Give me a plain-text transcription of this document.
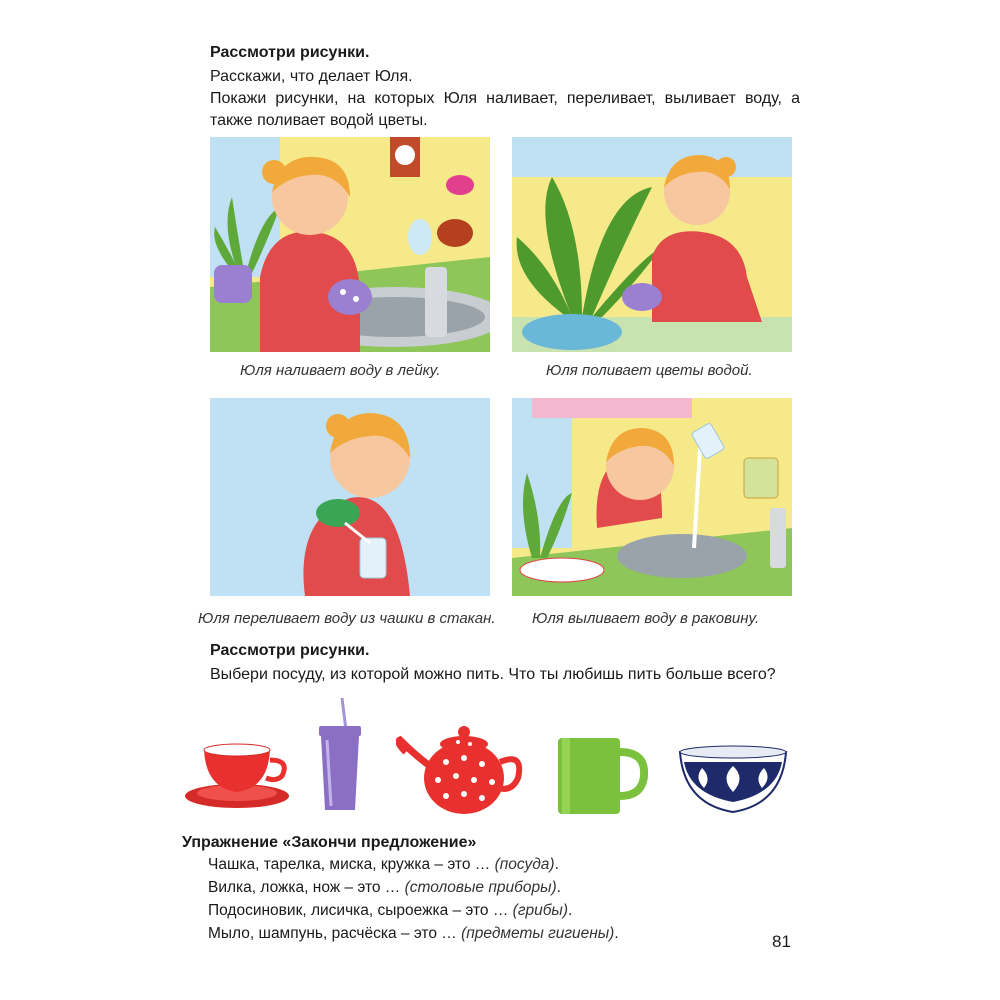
Рассмотри рисунки.
Расскажи, что делает Юля.
Покажи рисунки, на которых Юля наливает, переливает, выливает воду, а также поливает водой цветы.
Юля наливает воду в лейку.	Юля поливает цветы водой.
Юля переливает воду из чашки в стакан. Юля выливает воду в раковину.
Рассмотри рисунки.
Выбери посуду, из которой можно пить. Что ты любишь пить больше всего?
Упражнение «Закончи предложение»
Чашка, тарелка, миска, кружка – это … (посуда).
Вилка, ложка, нож – это … (столовые приборы).
Подосиновик, лисичка, сыроежка – это … (грибы).
Мыло, шампунь, расчёска – это … (предметы гигиены).	81
